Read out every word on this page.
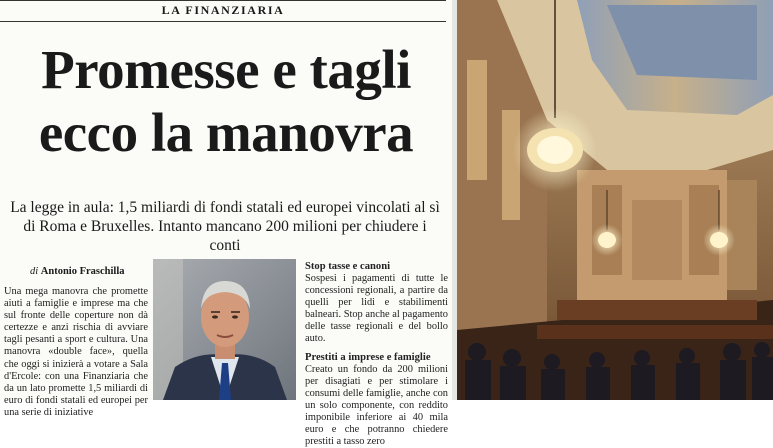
LA FINANZIARIA
Promesse e tagli
ecco la manovra
La legge in aula: 1,5 miliardi di fondi statali ed europei vincolati al sì
di Roma e Bruxelles. Intanto mancano 200 milioni per chiudere i conti
di Antonio Fraschilla
Una mega manovra che promette aiuti a famiglie e imprese ma che sul fronte delle coperture non dà certezze e anzi rischia di avviare tagli pesanti a sport e cultura. Una manovra «double face», quella che oggi si inizierà a votare a Sala d'Ercole: con una Finanziaria che da un lato promette 1,5 miliardi di euro di fondi statali ed europei per una serie di iniziative
Stop tasse e canoni
Sospesi i pagamenti di tutte le concessioni regionali, a partire da quelli per lidi e stabilimenti balneari. Stop anche al pagamento delle tasse regionali e del bollo auto.
Prestiti a imprese e famiglie
Creato un fondo da 200 milioni per disagiati e per stimolare i consumi delle famiglie, anche con un solo componente, con reddito imponibile inferiore ai 40 mila euro e che potranno chiedere prestiti a tasso zero
